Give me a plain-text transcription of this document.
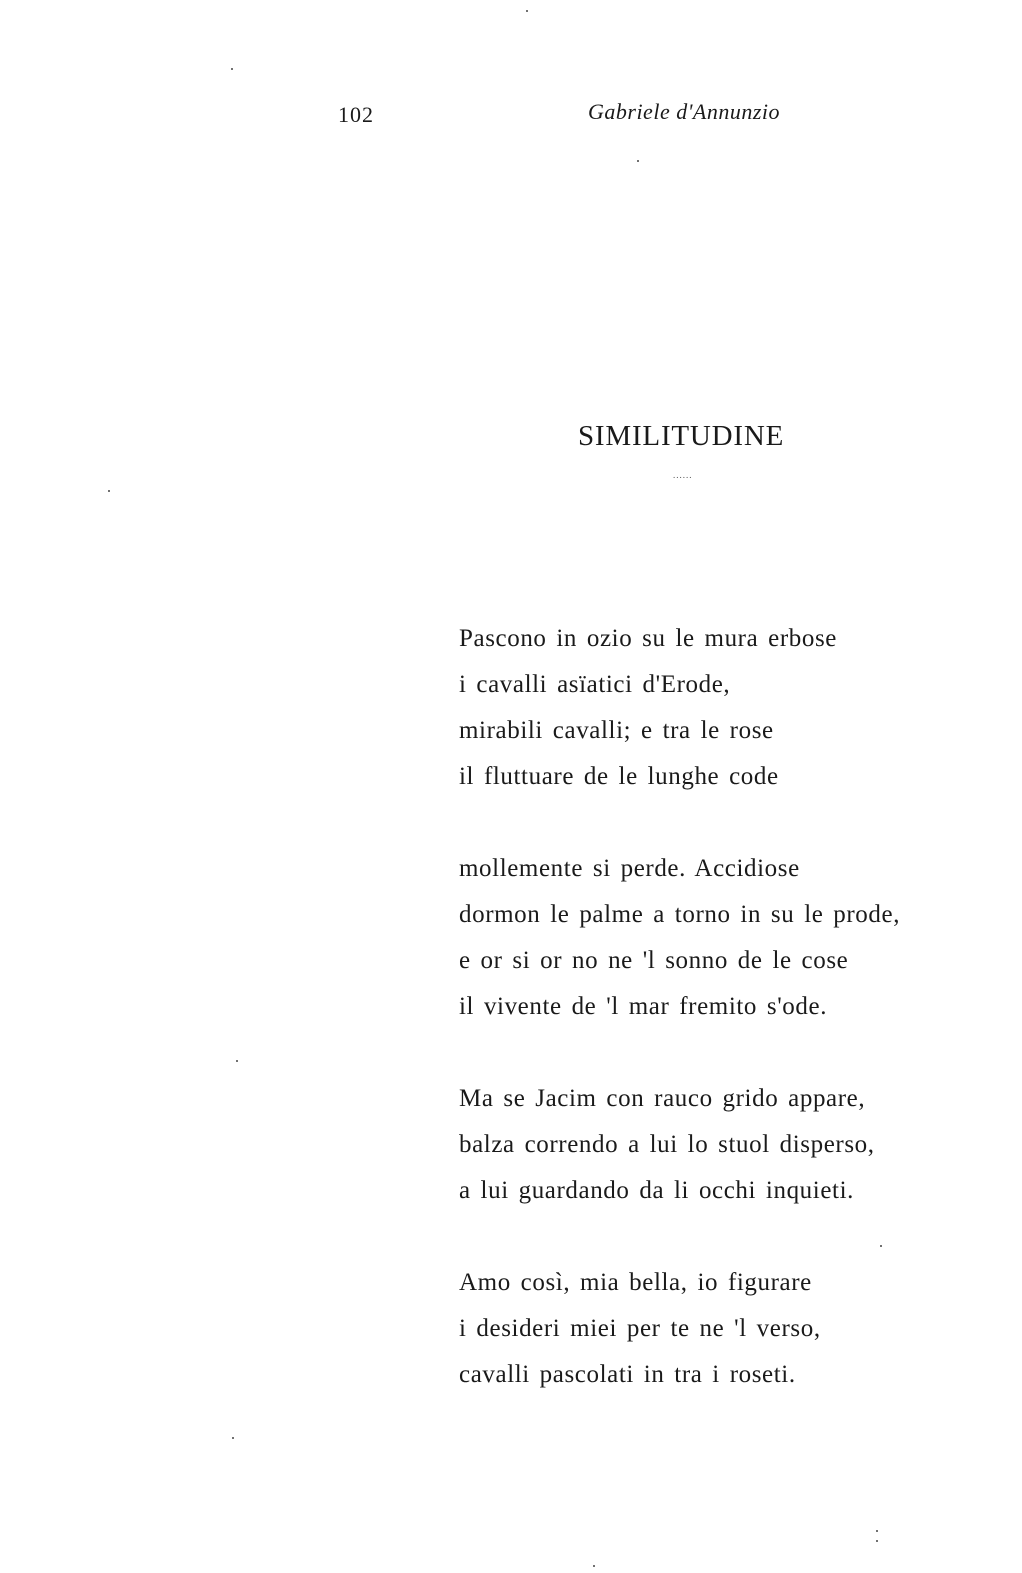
102	Gabriele d'Annunzio
SIMILITUDINE
......
Pascono in ozio su le mura erbose
i cavalli asïatici d'Erode,
mirabili cavalli; e tra le rose
il fluttuare de le lunghe code
mollemente si perde. Accidiose
dormon le palme a torno in su le prode,
e or si or no ne 'l sonno de le cose
il vivente de 'l mar fremito s'ode.
Ma se Jacim con rauco grido appare,
balza correndo a lui lo stuol disperso,
a lui guardando da li occhi inquieti.
Amo così, mia bella, io figurare
i desideri miei per te ne 'l verso,
cavalli pascolati in tra i roseti.
